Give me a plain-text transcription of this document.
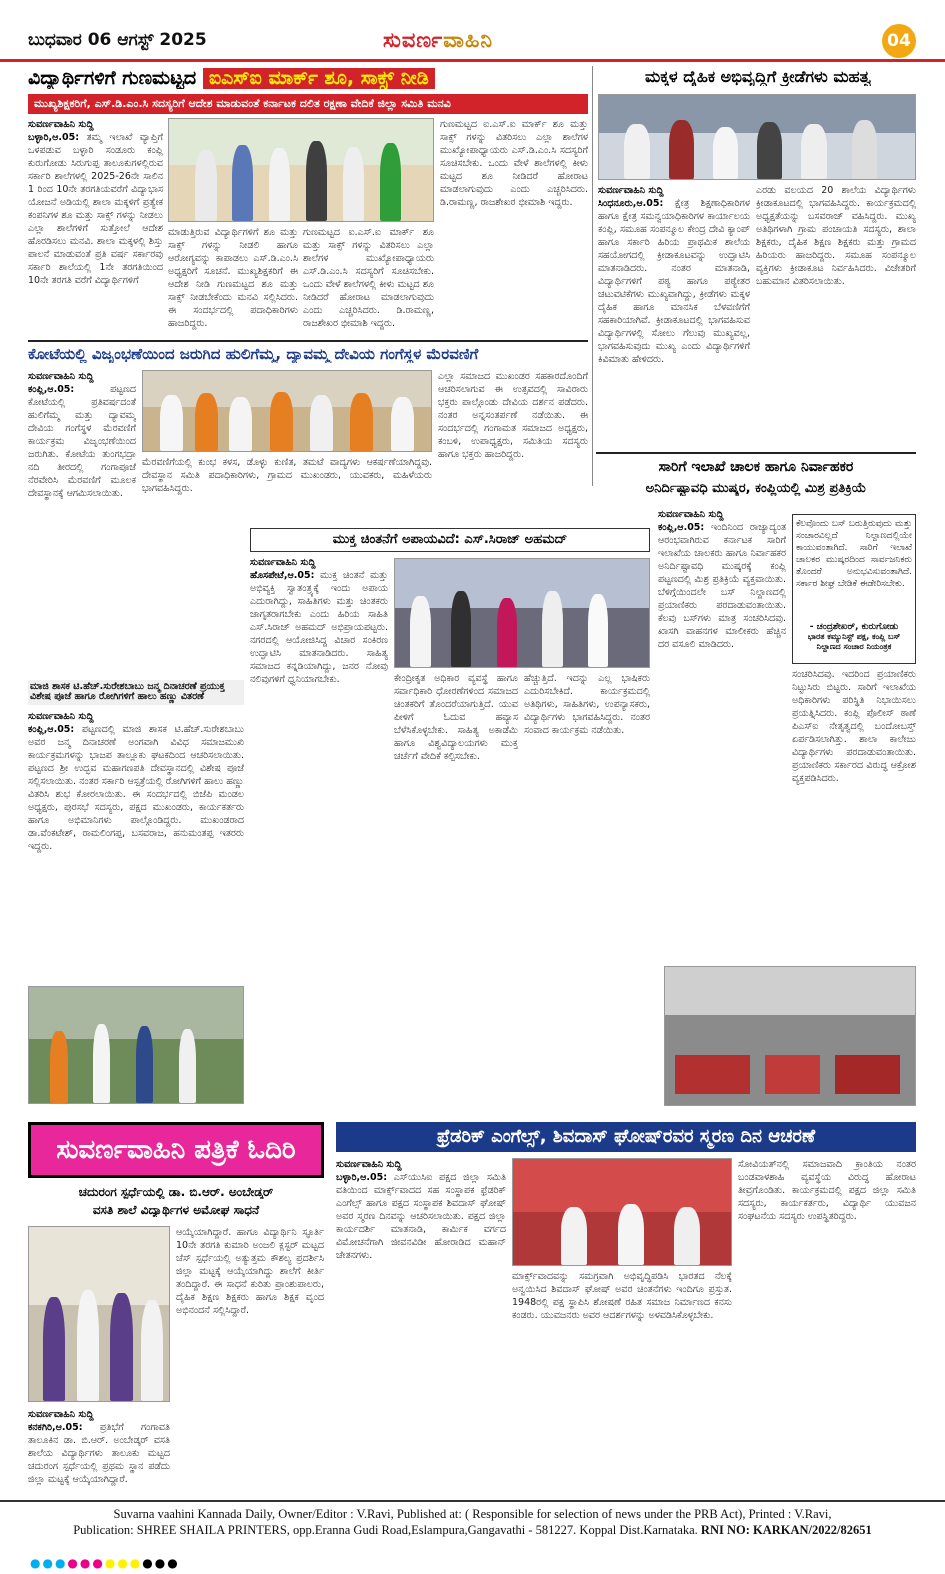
ಬುಧವಾರ 06 ಆಗಸ್ಟ್ 2025	ಸುವರ್ಣವಾಹಿನಿ	04
ವಿದ್ಯಾರ್ಥಿಗಳಿಗೆ ಗುಣಮಟ್ಟದ ಐಎಸ್‌ಐ ಮಾರ್ಕ್ ಶೂ, ಸಾಕ್ಸ್ ನೀಡಿ
ಮುಖ್ಯಶಿಕ್ಷಕರಿಗೆ, ಎಸ್.ಡಿ.ಎಂ.ಸಿ ಸದಸ್ಯರಿಗೆ ಆದೇಶ ಮಾಡುವಂತೆ ಕರ್ನಾಟಕ ದಲಿತ ರಕ್ಷಣಾ ವೇದಿಕೆ ಜಿಲ್ಲಾ ಸಮಿತಿ ಮನವಿ
ಸುವರ್ಣವಾಹಿನಿ ಸುದ್ದಿ
ಬಳ್ಳಾರಿ,ಆ.05: ತಮ್ಮ ಇಲಾಖೆ ವ್ಯಾಪ್ತಿಗೆ ಒಳಪಡುವ ಬಳ್ಳಾರಿ ಸಂಡೂರು ಕಂಪ್ಲಿ ಕುರುಗೋಡು ಸಿರುಗುಪ್ಪ ತಾಲೂಕುಗಳಲ್ಲಿರುವ ಸರ್ಕಾರಿ ಶಾಲೆಗಳಲ್ಲಿ 2025-26ನೇ ಸಾಲಿನ 1 ರಿಂದ 10ನೇ ತರಗತಿಯವರೆಗೆ ವಿದ್ಯಾಭಾಸ ಯೋಜನೆ ಅಡಿಯಲ್ಲಿ ಶಾಲಾ ಮಕ್ಕಳಿಗೆ ಪ್ರತ್ಯೇಕ ಕಂಪನಿಗಳ ಶೂ ಮತ್ತು ಸಾಕ್ಸ್ ಗಳನ್ನು ನೀಡಲು ಎಲ್ಲಾ ಶಾಲೆಗಳಿಗೆ ಸುತ್ತೋಲೆ ಆದೇಶ ಹೊರಡಿಸಲು ಮನವಿ. ಶಾಲಾ ಮಕ್ಕಳಲ್ಲಿ ಶಿಸ್ತು ಪಾಲನೆ ಮಾಡುವಂತೆ ಪ್ರತಿ ವರ್ಷ ಸರ್ಕಾರವು ಸರ್ಕಾರಿ ಶಾಲೆಯಲ್ಲಿ 1ನೇ ತರಗತಿಯಿಂದ 10ನೇ ತರಗತಿ ವರೆಗೆ ವಿದ್ಯಾರ್ಥಿಗಳಿಗೆ
ಮಾಡುತ್ತಿರುವ ವಿದ್ಯಾರ್ಥಿಗಳಿಗೆ ಶೂ ಮತ್ತು ಸಾಕ್ಸ್ ಗಳನ್ನು ನೀಡಲಿ ಹಾಗೂ ಆರೋಗ್ಯವನ್ನು ಕಾಪಾಡಲು ಎಸ್.ಡಿ.ಎಂ.ಸಿ ಅಧ್ಯಕ್ಷರಿಗೆ ಸೂಚನೆ. ಮುಖ್ಯಶಿಕ್ಷಕರಿಗೆ ಈ ಆದೇಶ ನೀಡಿ ಗುಣಮಟ್ಟದ ಶೂ ಮತ್ತು ಸಾಕ್ಸ್ ನೀಡಬೇಕೆಂದು ಮನವಿ ಸಲ್ಲಿಸಿದರು. ಈ ಸಂದರ್ಭದಲ್ಲಿ ಪದಾಧಿಕಾರಿಗಳು ಹಾಜರಿದ್ದರು.
ಗುಣಮಟ್ಟದ ಐ.ಎಸ್.ಐ ಮಾರ್ಕ್ ಶೂ ಮತ್ತು ಸಾಕ್ಸ್ ಗಳನ್ನು ವಿತರಿಸಲು ಎಲ್ಲಾ ಶಾಲೆಗಳ ಮುಖ್ಯೋಪಾಧ್ಯಾಯರು ಎಸ್.ಡಿ.ಎಂ.ಸಿ ಸದಸ್ಯರಿಗೆ ಸೂಚಿಸಬೇಕು. ಒಂದು ವೇಳೆ ಶಾಲೆಗಳಲ್ಲಿ ಕೀಳು ಮಟ್ಟದ ಶೂ ನೀಡಿದರೆ ಹೋರಾಟ ಮಾಡಲಾಗುವುದು ಎಂದು ಎಚ್ಚರಿಸಿದರು. ಡಿ.ರಾಮಣ್ಣ, ರಾಜಶೇಖರ ಭೀಮಾಶಿ ಇದ್ದರು.
ಗುಣಮಟ್ಟದ ಐ.ಎಸ್.ಐ ಮಾರ್ಕ್ ಶೂ ಮತ್ತು ಸಾಕ್ಸ್ ಗಳನ್ನು ವಿತರಿಸಲು ಎಲ್ಲಾ ಶಾಲೆಗಳ ಮುಖ್ಯೋಪಾಧ್ಯಾಯರು ಎಸ್.ಡಿ.ಎಂ.ಸಿ ಸದಸ್ಯರಿಗೆ ಸೂಚಿಸಬೇಕು. ಒಂದು ವೇಳೆ ಶಾಲೆಗಳಲ್ಲಿ ಕೀಳು ಮಟ್ಟದ ಶೂ ನೀಡಿದರೆ ಹೋರಾಟ ಮಾಡಲಾಗುವುದು ಎಂದು ಎಚ್ಚರಿಸಿದರು. ಡಿ.ರಾಮಣ್ಣ, ರಾಜಶೇಖರ ಭೀಮಾಶಿ ಇದ್ದರು.
ಮಕ್ಕಳ ದೈಹಿಕ ಅಭಿವೃದ್ದಿಗೆ ಕ್ರೀಡೆಗಳು ಮಹತ್ವ
ಸುವರ್ಣವಾಹಿನಿ ಸುದ್ದಿ
ಸಿಂಧನೂರು,ಆ.05: ಕ್ಷೇತ್ರ ಶಿಕ್ಷಣಾಧಿಕಾರಿಗಳ ಹಾಗೂ ಕ್ಷೇತ್ರ ಸಮನ್ವಯಾಧಿಕಾರಿಗಳ ಕಾರ್ಯಾಲಯ ಕಂಪ್ಲಿ, ಸಮೂಹ ಸಂಪನ್ಮೂಲ ಕೇಂದ್ರ ದೇವಿ ಕ್ಯಾಂಪ್ ಹಾಗೂ ಸರ್ಕಾರಿ ಹಿರಿಯ ಪ್ರಾಥಮಿಕ ಶಾಲೆಯ ಸಹಯೋಗದಲ್ಲಿ ಕ್ರೀಡಾಕೂಟವನ್ನು ಉದ್ಘಾಟಿಸಿ ಮಾತನಾಡಿದರು. ನಂತರ ಮಾತನಾಡಿ, ವಿದ್ಯಾರ್ಥಿಗಳಿಗೆ ಪಠ್ಯ ಹಾಗೂ ಪಠ್ಯೇತರ ಚಟುವಟಿಕೆಗಳು ಮುಖ್ಯವಾಗಿದ್ದು, ಕ್ರೀಡೆಗಳು ಮಕ್ಕಳ ದೈಹಿಕ ಹಾಗೂ ಮಾನಸಿಕ ಬೆಳವಣಿಗೆಗೆ ಸಹಕಾರಿಯಾಗಿವೆ. ಕ್ರೀಡಾಕೂಟದಲ್ಲಿ ಭಾಗವಹಿಸುವ ವಿದ್ಯಾರ್ಥಿಗಳಲ್ಲಿ ಸೋಲು ಗೆಲುವು ಮುಖ್ಯವಲ್ಲ, ಭಾಗವಹಿಸುವುದು ಮುಖ್ಯ ಎಂದು ವಿದ್ಯಾರ್ಥಿಗಳಿಗೆ ಕಿವಿಮಾತು ಹೇಳಿದರು.
ಎರಡು ವಲಯದ 20 ಶಾಲೆಯ ವಿದ್ಯಾರ್ಥಿಗಳು ಕ್ರೀಡಾಕೂಟದಲ್ಲಿ ಭಾಗವಹಿಸಿದ್ದರು. ಕಾರ್ಯಕ್ರಮದಲ್ಲಿ ಅಧ್ಯಕ್ಷತೆಯನ್ನು ಬಸವರಾಜ್ ವಹಿಸಿದ್ದರು. ಮುಖ್ಯ ಅತಿಥಿಗಳಾಗಿ ಗ್ರಾಮ ಪಂಚಾಯತಿ ಸದಸ್ಯರು, ಶಾಲಾ ಶಿಕ್ಷಕರು, ದೈಹಿಕ ಶಿಕ್ಷಣ ಶಿಕ್ಷಕರು ಮತ್ತು ಗ್ರಾಮದ ಹಿರಿಯರು ಹಾಜರಿದ್ದರು. ಸಮೂಹ ಸಂಪನ್ಮೂಲ ವ್ಯಕ್ತಿಗಳು ಕ್ರೀಡಾಕೂಟ ನಿರ್ವಹಿಸಿದರು. ವಿಜೇತರಿಗೆ ಬಹುಮಾನ ವಿತರಿಸಲಾಯಿತು.
ಕೋಟೆಯಲ್ಲಿ ವಿಜೃಂಭಣೆಯಿಂದ ಜರುಗಿದ ಹುಲಿಗೆಮ್ಮ, ದ್ಯಾವಮ್ಮ ದೇವಿಯ ಗಂಗೆಸ್ಥಳ ಮೆರವಣಿಗೆ
ಸುವರ್ಣವಾಹಿನಿ ಸುದ್ದಿ
ಕಂಪ್ಲಿ,ಆ.05:	ಪಟ್ಟಣದ ಕೋಟೆಯಲ್ಲಿ ಪ್ರತಿವರ್ಷದಂತೆ ಹುಲಿಗೆಮ್ಮ ಮತ್ತು ದ್ಯಾವಮ್ಮ ದೇವಿಯ ಗಂಗೆಸ್ಥಳ ಮೆರವಣಿಗೆ ಕಾರ್ಯಕ್ರಮ ವಿಜೃಂಭಣೆಯಿಂದ ಜರುಗಿತು. ಕೋಟೆಯ ತುಂಗಭದ್ರಾ ನದಿ ತೀರದಲ್ಲಿ ಗಂಗಾಪೂಜೆ ನೆರವೇರಿಸಿ ಮೆರವಣಿಗೆ ಮೂಲಕ ದೇವಸ್ಥಾನಕ್ಕೆ ಆಗಮಿಸಲಾಯಿತು.
ಮೆರವಣಿಗೆಯಲ್ಲಿ ಕುಂಭ ಕಳಸ, ಡೊಳ್ಳು ಕುಣಿತ, ತಮಟೆ ವಾದ್ಯಗಳು ಆಕರ್ಷಣೆಯಾಗಿದ್ದವು. ದೇವಸ್ಥಾನ ಸಮಿತಿ ಪದಾಧಿಕಾರಿಗಳು, ಗ್ರಾಮದ ಮುಖಂಡರು, ಯುವಕರು, ಮಹಿಳೆಯರು ಭಾಗವಹಿಸಿದ್ದರು.
ಎಲ್ಲಾ ಸಮಾಜದ ಮುಖಂಡರ ಸಹಕಾರದೊಂದಿಗೆ ಆಚರಿಸಲಾಗುವ ಈ ಉತ್ಸವದಲ್ಲಿ ಸಾವಿರಾರು ಭಕ್ತರು ಪಾಲ್ಗೊಂಡು ದೇವಿಯ ದರ್ಶನ ಪಡೆದರು. ನಂತರ ಅನ್ನಸಂತರ್ಪಣೆ ನಡೆಯಿತು. ಈ ಸಂದರ್ಭದಲ್ಲಿ ಗಂಗಾಮತ ಸಮಾಜದ ಅಧ್ಯಕ್ಷರು, ಕಂಬಳಿ, ಉಪಾಧ್ಯಕ್ಷರು, ಸಮಿತಿಯ ಸದಸ್ಯರು ಹಾಗೂ ಭಕ್ತರು ಹಾಜರಿದ್ದರು.
ಸಾರಿಗೆ ಇಲಾಖೆ ಚಾಲಕ ಹಾಗೂ ನಿರ್ವಾಹಕರ
ಅನಿರ್ದಿಷ್ಟಾವಧಿ ಮುಷ್ಕರ, ಕಂಪ್ಲಿಯಲ್ಲಿ ಮಿಶ್ರ ಪ್ರತಿಕ್ರಿಯೆ
ಸುವರ್ಣವಾಹಿನಿ ಸುದ್ದಿ
ಕಂಪ್ಲಿ,ಆ.05: ಇಂದಿನಿಂದ ರಾಜ್ಯಾದ್ಯಂತ ಆರಂಭವಾಗಿರುವ ಕರ್ನಾಟಕ ಸಾರಿಗೆ ಇಲಾಖೆಯ ಚಾಲಕರು ಹಾಗೂ ನಿರ್ವಾಹಕರ ಅನಿರ್ದಿಷ್ಟಾವಧಿ ಮುಷ್ಕರಕ್ಕೆ ಕಂಪ್ಲಿ ಪಟ್ಟಣದಲ್ಲಿ ಮಿಶ್ರ ಪ್ರತಿಕ್ರಿಯೆ ವ್ಯಕ್ತವಾಯಿತು. ಬೆಳಿಗ್ಗೆಯಿಂದಲೇ ಬಸ್ ನಿಲ್ದಾಣದಲ್ಲಿ ಪ್ರಯಾಣಿಕರು ಪರದಾಡುವಂತಾಯಿತು. ಕೆಲವು ಬಸ್‌ಗಳು ಮಾತ್ರ ಸಂಚರಿಸಿದವು. ಖಾಸಗಿ ವಾಹನಗಳ ಮಾಲೀಕರು ಹೆಚ್ಚಿನ ದರ ವಸೂಲಿ ಮಾಡಿದರು.
ಕೆಲವೊಂದು ಬಸ್ ಬರುತ್ತಿರುವುದು ಮತ್ತು ಸಂಚಾರವಿಲ್ಲದೆ ನಿಲ್ದಾಣದಲ್ಲಿಯೇ ಕಾಯುವಂತಾಗಿದೆ. ಸಾರಿಗೆ ಇಲಾಖೆ ಚಾಲಕರ ಮುಷ್ಕರದಿಂದ ಸಾರ್ವಜನಿಕರು ತೊಂದರೆ ಅನುಭವಿಸುವಂತಾಗಿದೆ. ಸರ್ಕಾರ ಶೀಘ್ರ ಬೇಡಿಕೆ ಈಡೇರಿಸಬೇಕು.
- ಚಂದ್ರಶೇಖರ್, ಕುರುಗೋಡು
ಭಾರತ ಕಮ್ಯುನಿಸ್ಟ್ ಪಕ್ಷ, ಕಂಪ್ಲಿ ಬಸ್ ನಿಲ್ದಾಣದ ಸಂಚಾರ ನಿಯಂತ್ರಕ
ಸಂಚರಿಸಿದವು. ಇದರಿಂದ ಪ್ರಯಾಣಿಕರು ನಿಟ್ಟುಸಿರು ಬಿಟ್ಟರು. ಸಾರಿಗೆ ಇಲಾಖೆಯ ಅಧಿಕಾರಿಗಳು ಪರಿಸ್ಥಿತಿ ನಿಭಾಯಿಸಲು ಪ್ರಯತ್ನಿಸಿದರು. ಕಂಪ್ಲಿ ಪೊಲೀಸ್ ಠಾಣೆ ಪಿಎಸ್‌ಐ ನೇತೃತ್ವದಲ್ಲಿ ಬಂದೋಬಸ್ತ್ ಏರ್ಪಡಿಸಲಾಗಿತ್ತು. ಶಾಲಾ ಕಾಲೇಜು ವಿದ್ಯಾರ್ಥಿಗಳು ಪರದಾಡುವಂತಾಯಿತು. ಪ್ರಯಾಣಿಕರು ಸರ್ಕಾರದ ವಿರುದ್ಧ ಆಕ್ರೋಶ ವ್ಯಕ್ತಪಡಿಸಿದರು.
ಮುಕ್ತ ಚಿಂತನೆಗೆ ಅಪಾಯವಿದೆ: ಎಸ್.ಸಿರಾಜ್ ಅಹಮದ್
ಸುವರ್ಣವಾಹಿನಿ ಸುದ್ದಿ
ಹೊಸಪೇಟೆ,ಆ.05: ಮುಕ್ತ ಚಿಂತನೆ ಮತ್ತು ಅಭಿವ್ಯಕ್ತಿ ಸ್ವಾತಂತ್ರ್ಯಕ್ಕೆ ಇಂದು ಅಪಾಯ ಎದುರಾಗಿದ್ದು, ಸಾಹಿತಿಗಳು ಮತ್ತು ಚಿಂತಕರು ಜಾಗೃತರಾಗಬೇಕು ಎಂದು ಹಿರಿಯ ಸಾಹಿತಿ ಎಸ್.ಸಿರಾಜ್ ಅಹಮದ್ ಅಭಿಪ್ರಾಯಪಟ್ಟರು. ನಗರದಲ್ಲಿ ಆಯೋಜಿಸಿದ್ದ ವಿಚಾರ ಸಂಕಿರಣ ಉದ್ಘಾಟಿಸಿ ಮಾತನಾಡಿದರು. ಸಾಹಿತ್ಯ ಸಮಾಜದ ಕನ್ನಡಿಯಾಗಿದ್ದು, ಜನರ ನೋವು ನಲಿವುಗಳಿಗೆ ಧ್ವನಿಯಾಗಬೇಕು.	ಕೇಂದ್ರೀಕೃತ ಅಧಿಕಾರ ವ್ಯವಸ್ಥೆ ಹಾಗೂ ಸರ್ವಾಧಿಕಾರಿ ಧೋರಣೆಗಳಿಂದ ಸಮಾಜದ ಚಿಂತಕರಿಗೆ ತೊಂದರೆಯಾಗುತ್ತಿದೆ. ಯುವ ಪೀಳಿಗೆ ಓದುವ ಹವ್ಯಾಸ ಬೆಳೆಸಿಕೊಳ್ಳಬೇಕು. ಸಾಹಿತ್ಯ ಅಕಾಡೆಮಿ ಹಾಗೂ ವಿಶ್ವವಿದ್ಯಾಲಯಗಳು ಮುಕ್ತ ಚರ್ಚೆಗೆ ವೇದಿಕೆ ಕಲ್ಪಿಸಬೇಕು.
ಹೆಚ್ಚುತ್ತಿದೆ. ಇದನ್ನು ಎಲ್ಲ ಭಾಷಿಕರು ಎದುರಿಸಬೇಕಿದೆ. ಕಾರ್ಯಕ್ರಮದಲ್ಲಿ ಅತಿಥಿಗಳು, ಸಾಹಿತಿಗಳು, ಉಪನ್ಯಾಸಕರು, ವಿದ್ಯಾರ್ಥಿಗಳು ಭಾಗವಹಿಸಿದ್ದರು. ನಂತರ ಸಂವಾದ ಕಾರ್ಯಕ್ರಮ ನಡೆಯಿತು.
ಮಾಜಿ ಶಾಸಕ ಟಿ.ಹೆಚ್.ಸುರೇಶಬಾಬು ಜನ್ಮ ದಿನಾಚರಣೆ ಪ್ರಯುಕ್ತ ವಿಶೇಷ ಪೂಜೆ ಹಾಗೂ ರೋಗಿಗಳಿಗೆ ಹಾಲು ಹಣ್ಣು ವಿತರಣೆ
ಸುವರ್ಣವಾಹಿನಿ ಸುದ್ದಿ
ಕಂಪ್ಲಿ,ಆ.05: ಪಟ್ಟಣದಲ್ಲಿ ಮಾಜಿ ಶಾಸಕ ಟಿ.ಹೆಚ್.ಸುರೇಶಬಾಬು ಅವರ ಜನ್ಮ ದಿನಾಚರಣೆ ಅಂಗವಾಗಿ ವಿವಿಧ ಸಮಾಜಮುಖಿ ಕಾರ್ಯಕ್ರಮಗಳನ್ನು ಭಾಜಪ ತಾಲ್ಲೂಕು ಘಟಕದಿಂದ ಆಚರಿಸಲಾಯಿತು. ಪಟ್ಟಣದ ಶ್ರೀ ಉದ್ಭವ ಮಹಾಗಣಪತಿ ದೇವಸ್ಥಾನದಲ್ಲಿ ವಿಶೇಷ ಪೂಜೆ ಸಲ್ಲಿಸಲಾಯಿತು. ನಂತರ ಸರ್ಕಾರಿ ಆಸ್ಪತ್ರೆಯಲ್ಲಿ ರೋಗಿಗಳಿಗೆ ಹಾಲು ಹಣ್ಣು ವಿತರಿಸಿ ಶುಭ ಕೋರಲಾಯಿತು. ಈ ಸಂದರ್ಭದಲ್ಲಿ ಬಿಜೆಪಿ ಮಂಡಲ ಅಧ್ಯಕ್ಷರು, ಪುರಸಭೆ ಸದಸ್ಯರು, ಪಕ್ಷದ ಮುಖಂಡರು, ಕಾರ್ಯಕರ್ತರು ಹಾಗೂ ಅಭಿಮಾನಿಗಳು ಪಾಲ್ಗೊಂಡಿದ್ದರು. ಮುಖಂಡರಾದ ಡಾ.ವೆಂಕಟೇಶ್, ರಾಮಲಿಂಗಪ್ಪ, ಬಸವರಾಜ, ಹನುಮಂತಪ್ಪ ಇತರರು ಇದ್ದರು.
ಸುವರ್ಣವಾಹಿನಿ ಪತ್ರಿಕೆ ಓದಿರಿ	ಫ್ರೆಡರಿಕ್ ಎಂಗೆಲ್ಸ್, ಶಿವದಾಸ್ ಘೋಷ್‌ರವರ ಸ್ಮರಣ ದಿನ ಆಚರಣೆ
ಚದುರಂಗ ಸ್ಪರ್ಧೆಯಲ್ಲಿ ಡಾ. ಬಿ.ಆರ್. ಅಂಬೇಡ್ಕರ್
ವಸತಿ ಶಾಲೆ ವಿದ್ಯಾರ್ಥಿಗಳ ಅಮೋಘ ಸಾಧನೆ
ಆಯ್ಕೆಯಾಗಿದ್ದಾರೆ. ಹಾಗೂ ವಿದ್ಯಾರ್ಥಿನಿ ಸ್ಫೂರ್ತಿ 10ನೇ ತರಗತಿ ಕುಮಾರಿ ಅಂಜಲಿ ಕ್ಲಸ್ಟರ್ ಮಟ್ಟದ ಚೆಸ್ ಸ್ಪರ್ಧೆಯಲ್ಲಿ ಅತ್ಯುತ್ತಮ ಕೌಶಲ್ಯ ಪ್ರದರ್ಶಿಸಿ ಜಿಲ್ಲಾ ಮಟ್ಟಕ್ಕೆ ಆಯ್ಕೆಯಾಗಿದ್ದು ಶಾಲೆಗೆ ಕೀರ್ತಿ ತಂದಿದ್ದಾರೆ. ಈ ಸಾಧನೆ ಕುರಿತು ಪ್ರಾಂಶುಪಾಲರು, ದೈಹಿಕ ಶಿಕ್ಷಣ ಶಿಕ್ಷಕರು ಹಾಗೂ ಶಿಕ್ಷಕ ವೃಂದ ಅಭಿನಂದನೆ ಸಲ್ಲಿಸಿದ್ದಾರೆ.
ಸುವರ್ಣವಾಹಿನಿ ಸುದ್ದಿ
ಕನಕಗಿರಿ,ಆ.05: ಪ್ರತಿಭೆಗೆ ಗಂಗಾವತಿ ತಾಲೂಕಿನ ಡಾ. ಬಿ.ಆರ್. ಅಂಬೇಡ್ಕರ್ ವಸತಿ ಶಾಲೆಯ ವಿದ್ಯಾರ್ಥಿಗಳು ತಾಲೂಕು ಮಟ್ಟದ ಚದುರಂಗ ಸ್ಪರ್ಧೆಯಲ್ಲಿ ಪ್ರಥಮ ಸ್ಥಾನ ಪಡೆದು ಜಿಲ್ಲಾ ಮಟ್ಟಕ್ಕೆ ಆಯ್ಕೆಯಾಗಿದ್ದಾರೆ.
ಸುವರ್ಣವಾಹಿನಿ ಸುದ್ದಿ
ಬಳ್ಳಾರಿ,ಆ.05: ಎಸ್‌ಯುಸಿಐ ಪಕ್ಷದ ಜಿಲ್ಲಾ ಸಮಿತಿ ವತಿಯಿಂದ ಮಾರ್ಕ್ಸ್‌ವಾದದ ಸಹ ಸಂಸ್ಥಾಪಕ ಫ್ರೆಡರಿಕ್ ಎಂಗೆಲ್ಸ್ ಹಾಗೂ ಪಕ್ಷದ ಸಂಸ್ಥಾಪಕ ಶಿವದಾಸ್ ಘೋಷ್ ಅವರ ಸ್ಮರಣ ದಿನವನ್ನು ಆಚರಿಸಲಾಯಿತು. ಪಕ್ಷದ ಜಿಲ್ಲಾ ಕಾರ್ಯದರ್ಶಿ ಮಾತನಾಡಿ, ಕಾರ್ಮಿಕ ವರ್ಗದ ವಿಮೋಚನೆಗಾಗಿ ಜೀವನವಿಡೀ ಹೋರಾಡಿದ ಮಹಾನ್ ಚೇತನಗಳು.
ಮಾರ್ಕ್ಸ್‌ವಾದವನ್ನು ಸಮಗ್ರವಾಗಿ ಅಭಿವೃದ್ಧಿಪಡಿಸಿ ಭಾರತದ ನೆಲಕ್ಕೆ ಅನ್ವಯಿಸಿದ ಶಿವದಾಸ್ ಘೋಷ್ ಅವರ ಚಿಂತನೆಗಳು ಇಂದಿಗೂ ಪ್ರಸ್ತುತ. 1948ರಲ್ಲಿ ಪಕ್ಷ ಸ್ಥಾಪಿಸಿ ಶೋಷಣೆ ರಹಿತ ಸಮಾಜ ನಿರ್ಮಾಣದ ಕನಸು ಕಂಡರು. ಯುವಜನರು ಅವರ ಆದರ್ಶಗಳನ್ನು ಅಳವಡಿಸಿಕೊಳ್ಳಬೇಕು.
ಸೋವಿಯತ್‌ನಲ್ಲಿ ಸಮಾಜವಾದಿ ಕ್ರಾಂತಿಯ ನಂತರ ಬಂಡವಾಳಶಾಹಿ ವ್ಯವಸ್ಥೆಯ ವಿರುದ್ಧ ಹೋರಾಟ ತೀವ್ರಗೊಂಡಿತು. ಕಾರ್ಯಕ್ರಮದಲ್ಲಿ ಪಕ್ಷದ ಜಿಲ್ಲಾ ಸಮಿತಿ ಸದಸ್ಯರು, ಕಾರ್ಯಕರ್ತರು, ವಿದ್ಯಾರ್ಥಿ ಯುವಜನ ಸಂಘಟನೆಯ ಸದಸ್ಯರು ಉಪಸ್ಥಿತರಿದ್ದರು.
Suvarna vaahini Kannada Daily, Owner/Editor : V.Ravi, Published at: ( Responsible for selection of news under the PRB Act), Printed : V.Ravi,
Publication: SHREE SHAILA PRINTERS, opp.Eranna Gudi Road,Eslampura,Gangavathi - 581227. Koppal Dist.Karnataka. RNI NO: KARKAN/2022/82651
●●●●●●●●●●●●
